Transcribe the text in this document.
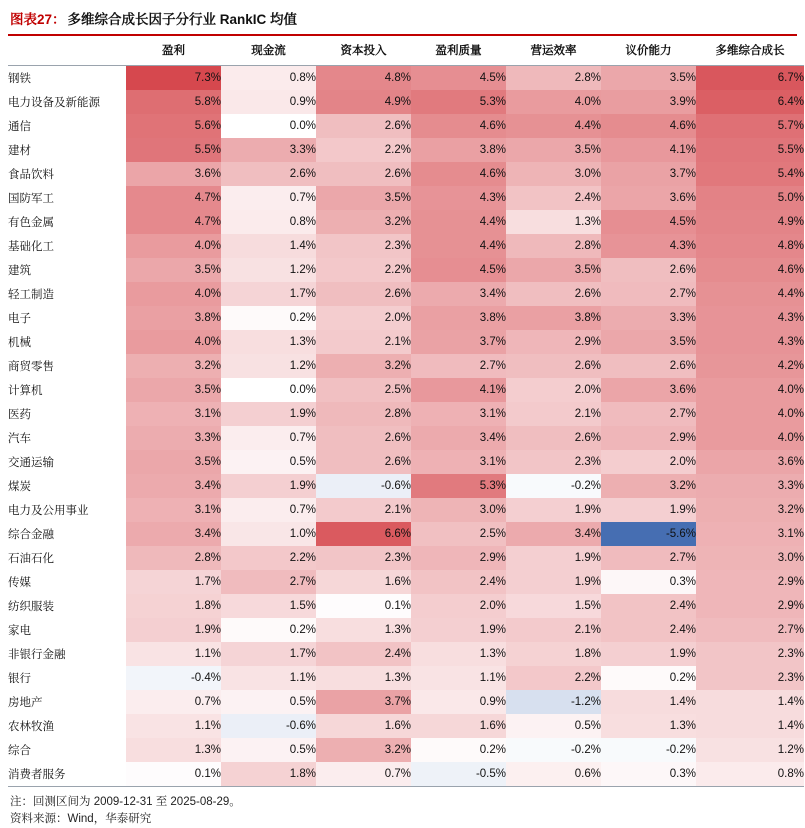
图表27： 多维综合成长因子分行业 RankIC 均值
	盈利	现金流	资本投入	盈利质量	营运效率	议价能力	多维综合成长
钢铁	7.3%	0.8%	4.8%	4.5%	2.8%	3.5%	6.7%
电力设备及新能源	5.8%	0.9%	4.9%	5.3%	4.0%	3.9%	6.4%
通信	5.6%	0.0%	2.6%	4.6%	4.4%	4.6%	5.7%
建材	5.5%	3.3%	2.2%	3.8%	3.5%	4.1%	5.5%
食品饮料	3.6%	2.6%	2.6%	4.6%	3.0%	3.7%	5.4%
国防军工	4.7%	0.7%	3.5%	4.3%	2.4%	3.6%	5.0%
有色金属	4.7%	0.8%	3.2%	4.4%	1.3%	4.5%	4.9%
基础化工	4.0%	1.4%	2.3%	4.4%	2.8%	4.3%	4.8%
建筑	3.5%	1.2%	2.2%	4.5%	3.5%	2.6%	4.6%
轻工制造	4.0%	1.7%	2.6%	3.4%	2.6%	2.7%	4.4%
电子	3.8%	0.2%	2.0%	3.8%	3.8%	3.3%	4.3%
机械	4.0%	1.3%	2.1%	3.7%	2.9%	3.5%	4.3%
商贸零售	3.2%	1.2%	3.2%	2.7%	2.6%	2.6%	4.2%
计算机	3.5%	0.0%	2.5%	4.1%	2.0%	3.6%	4.0%
医药	3.1%	1.9%	2.8%	3.1%	2.1%	2.7%	4.0%
汽车	3.3%	0.7%	2.6%	3.4%	2.6%	2.9%	4.0%
交通运输	3.5%	0.5%	2.6%	3.1%	2.3%	2.0%	3.6%
煤炭	3.4%	1.9%	-0.6%	5.3%	-0.2%	3.2%	3.3%
电力及公用事业	3.1%	0.7%	2.1%	3.0%	1.9%	1.9%	3.2%
综合金融	3.4%	1.0%	6.6%	2.5%	3.4%	-5.6%	3.1%
石油石化	2.8%	2.2%	2.3%	2.9%	1.9%	2.7%	3.0%
传媒	1.7%	2.7%	1.6%	2.4%	1.9%	0.3%	2.9%
纺织服装	1.8%	1.5%	0.1%	2.0%	1.5%	2.4%	2.9%
家电	1.9%	0.2%	1.3%	1.9%	2.1%	2.4%	2.7%
非银行金融	1.1%	1.7%	2.4%	1.3%	1.8%	1.9%	2.3%
银行	-0.4%	1.1%	1.3%	1.1%	2.2%	0.2%	2.3%
房地产	0.7%	0.5%	3.7%	0.9%	-1.2%	1.4%	1.4%
农林牧渔	1.1%	-0.6%	1.6%	1.6%	0.5%	1.3%	1.4%
综合	1.3%	0.5%	3.2%	0.2%	-0.2%	-0.2%	1.2%
消费者服务	0.1%	1.8%	0.7%	-0.5%	0.6%	0.3%	0.8%
注：回测区间为 2009-12-31 至 2025-08-29。
资料来源：Wind，华泰研究
